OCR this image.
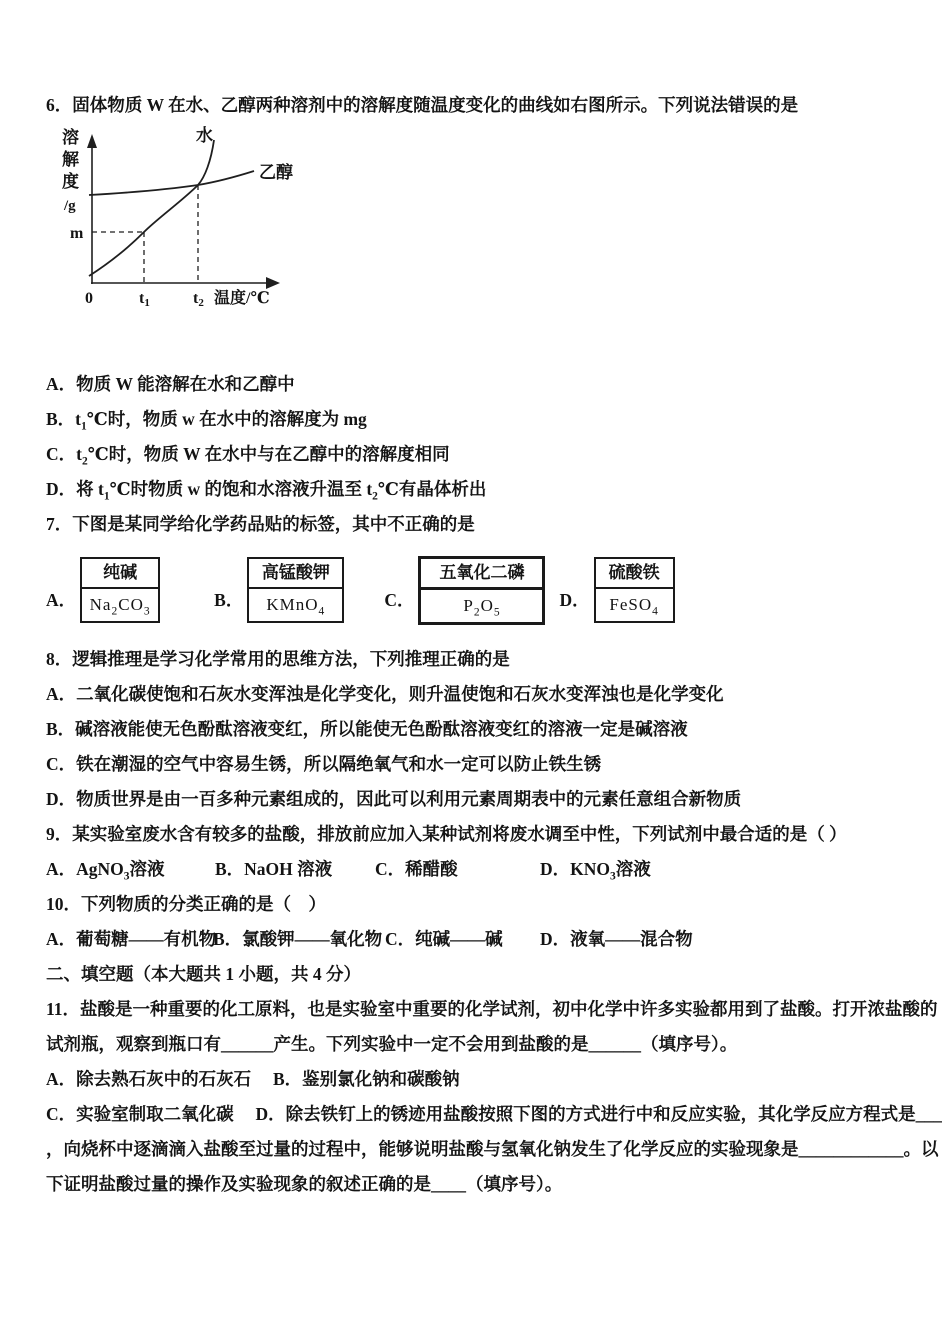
6．固体物质 W 在水、乙醇两种溶剂中的溶解度随温度变化的曲线如右图所示。下列说法错误的是
溶
解
度
/g
m
水
乙醇
0	t1	t2 温度/℃
A．物质 W 能溶解在水和乙醇中
B．$t_1℃$时，物质 w 在水中的溶解度为 mg
C．$t_2℃$时，物质 W 在水中与在乙醇中的溶解度相同
D．将 $t_1℃$时物质 w 的饱和水溶液升温至 $t_2℃$有晶体析出
7．下图是某同学给化学药品贴的标签，其中不正确的是
A．
纯碱
$Na_2CO_3$
B．
高锰酸钾
KMnO$_4$
C．
五氧化二磷
$P_2O_5$
D．
硫酸铁
FeSO$_4$
8．逻辑推理是学习化学常用的思维方法，下列推理正确的是
A．二氧化碳使饱和石灰水变浑浊是化学变化，则升温使饱和石灰水变浑浊也是化学变化
B．碱溶液能使无色酚酞溶液变红，所以能使无色酚酞溶液变红的溶液一定是碱溶液
C．铁在潮湿的空气中容易生锈，所以隔绝氧气和水一定可以防止铁生锈
D．物质世界是由一百多种元素组成的，因此可以利用元素周期表中的元素任意组合新物质
9．某实验室废水含有较多的盐酸，排放前应加入某种试剂将废水调至中性，下列试剂中最合适的是（ ）
A．AgNO$_3$溶液	B．NaOH 溶液	C．稀醋酸	D．$KNO_3$溶液
10．下列物质的分类正确的是（　）
A．葡萄糖——有机物
B．氯酸钾——氧化物 C．纯碱——碱	D．液氧——混合物
二、填空题（本大题共 1 小题，共 4 分）
11．盐酸是一种重要的化工原料，也是实验室中重要的化学试剂，初中化学中许多实验都用到了盐酸。打开浓盐酸的
试剂瓶，观察到瓶口有______产生。下列实验中一定不会用到盐酸的是______（填序号）。
A．除去熟石灰中的石灰石　 B．鉴别氯化钠和碳酸钠
C．实验室制取二氧化碳　 D．除去铁钉上的锈迹用盐酸按照下图的方式进行中和反应实验，其化学反应方程式是___
，向烧杯中逐滴滴入盐酸至过量的过程中，能够说明盐酸与氢氧化钠发生了化学反应的实验现象是____________。以
下证明盐酸过量的操作及实验现象的叙述正确的是____（填序号）。
